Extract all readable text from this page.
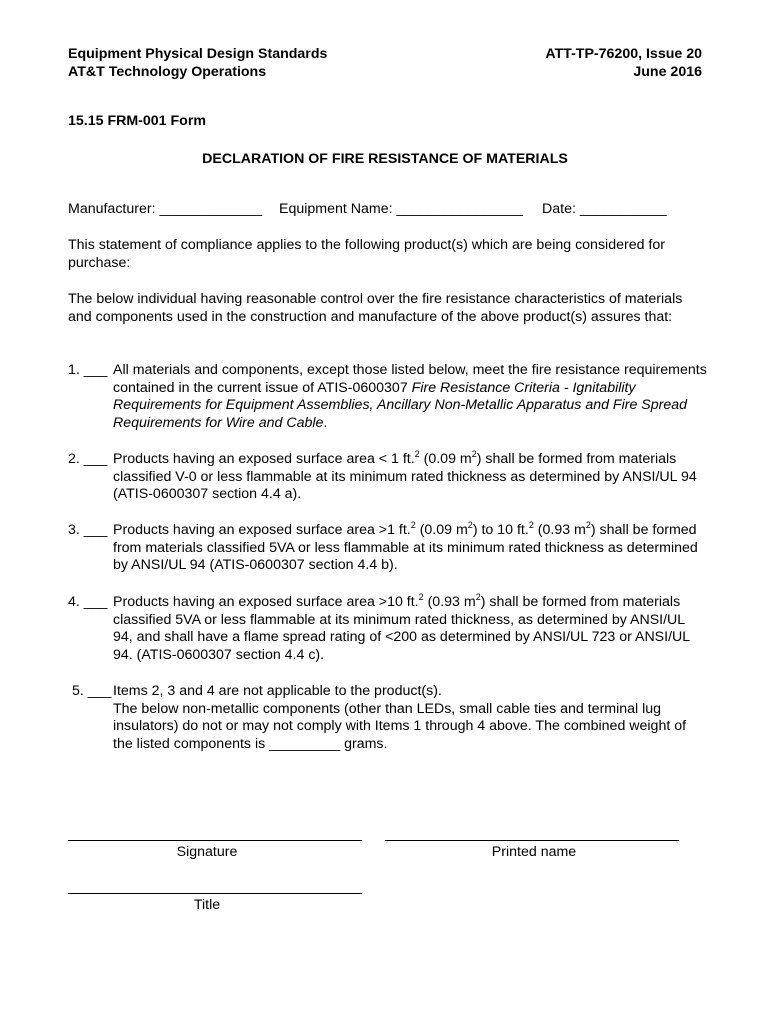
Equipment Physical Design Standards
AT&T Technology Operations
ATT-TP-76200, Issue 20
June 2016
15.15 FRM-001 Form
DECLARATION OF FIRE RESISTANCE OF MATERIALS
Manufacturer: _____________ Equipment Name: ________________ Date: ___________
This statement of compliance applies to the following product(s) which are being considered for purchase:
The below individual having reasonable control over the fire resistance characteristics of materials and components used in the construction and manufacture of the above product(s) assures that:
1. ___ All materials and components, except those listed below, meet the fire resistance requirements contained in the current issue of ATIS-0600307 Fire Resistance Criteria - Ignitability Requirements for Equipment Assemblies, Ancillary Non-Metallic Apparatus and Fire Spread Requirements for Wire and Cable.
2. ___ Products having an exposed surface area < 1 ft.$^2$ (0.09 $m^2$) shall be formed from materials classified V-0 or less flammable at its minimum rated thickness as determined by ANSI/UL 94 (ATIS-0600307 section 4.4 a).
3. ___ Products having an exposed surface area >1 ft.$^2$ (0.09 $m^2$) to 10 ft.$^2$ (0.93 $m^2$) shall be formed from materials classified 5VA or less flammable at its minimum rated thickness as determined by ANSI/UL 94 (ATIS-0600307 section 4.4 b).
4. ___ Products having an exposed surface area >10 ft.$^2$ (0.93 $m^2$) shall be formed from materials classified 5VA or less flammable at its minimum rated thickness, as determined by ANSI/UL 94, and shall have a flame spread rating of <200 as determined by ANSI/UL 723 or ANSI/UL 94. (ATIS-0600307 section 4.4 c).
5. ___ Items 2, 3 and 4 are not applicable to the product(s).
The below non-metallic components (other than LEDs, small cable ties and terminal lug insulators) do not or may not comply with Items 1 through 4 above. The combined weight of the listed components is _________ grams.
Signature	Printed name
Title
